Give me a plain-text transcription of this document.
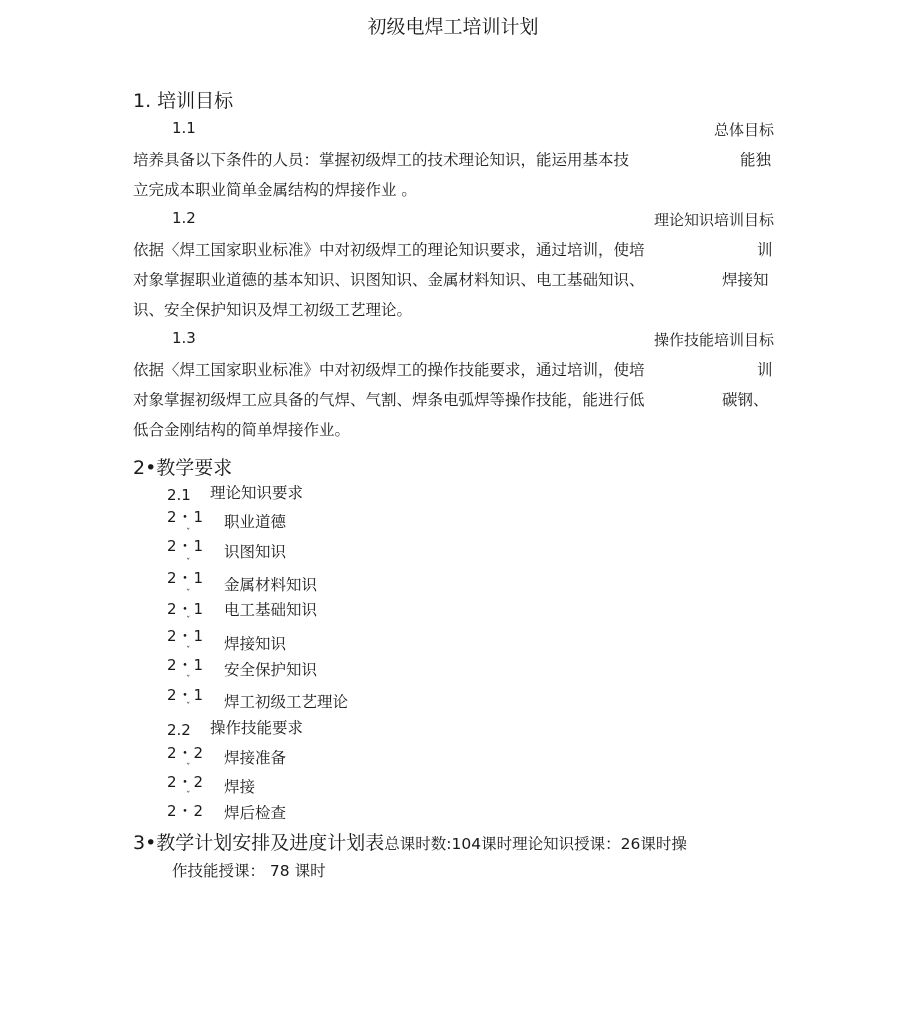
初级电焊工培训计划
1. 培训目标
1.1	总体目标
培养具备以下条件的人员：掌握初级焊工的技术理论知识，能运用基本技	能独
立完成本职业简单金属结构的焊接作业 。
1.2	理论知识培训目标
依据〈焊工国家职业标准》中对初级焊工的理论知识要求，通过培训，使培	训
对象掌握职业道德的基本知识、识图知识、金属材料知识、电工基础知识、	焊接知
识、安全保护知识及焊工初级工艺理论。
1.3	操作技能培训目标
依据〈焊工国家职业标准》中对初级焊工的操作技能要求，通过培训，使培	训
对象掌握初级焊工应具备的气焊、气割、焊条电弧焊等操作技能，能进行低	碳钢、
低合金刚结构的简单焊接作业。
2•教学要求
2.1 理论知识要求
2・1 职业道德
ˇ
2・1 识图知识
ˇ
2・1 金属材料知识
ˇ
2・1 电工基础知识
ˇ
2・1 焊接知识
ˇ
2・1 安全保护知识
ˇ
2・1 焊工初级工艺理论
ˇ
2.2 操作技能要求
2・2 焊接准备
ˇ
2・2 焊接
ˇ
2・2 焊后检查
3•教学计划安排及进度计划表总课时数:104课时理论知识授课：26课时操
作技能授课： 78 课时
